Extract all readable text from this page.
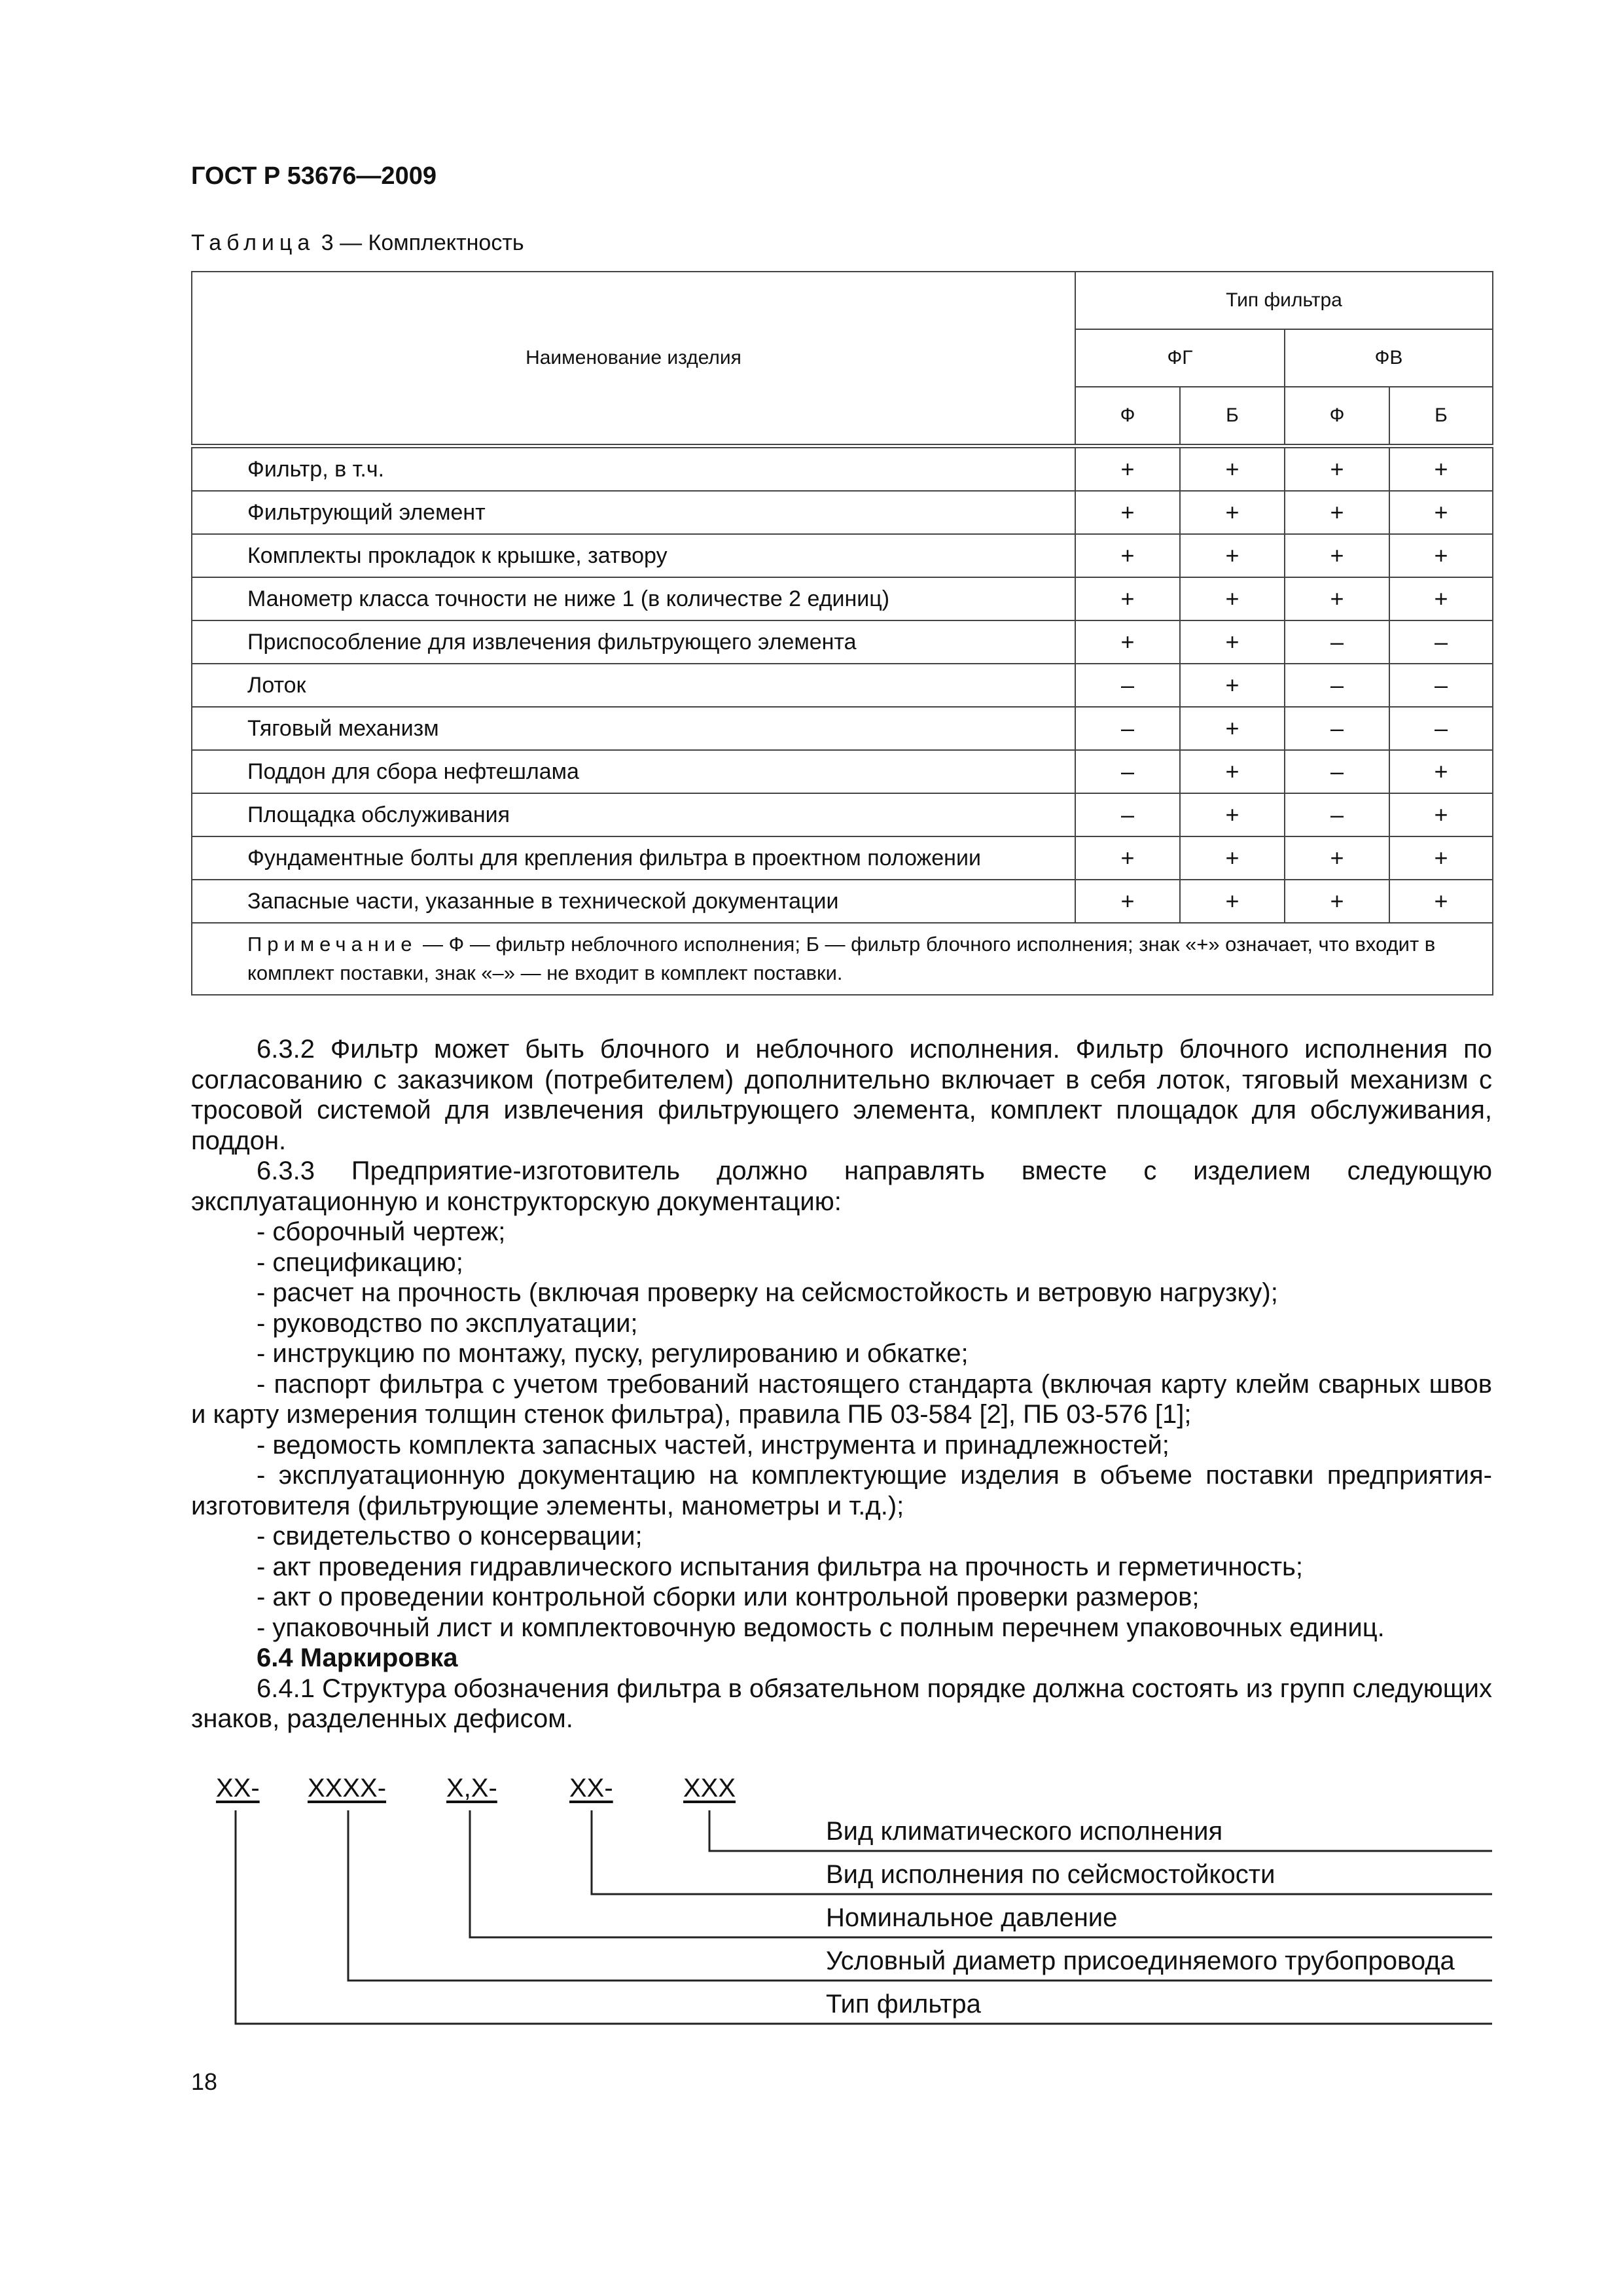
ГОСТ Р 53676—2009
Таблица 3 — Комплектность
Наименование изделия	Тип фильтра			
	ФГ		ФВ	
	Ф	Б	Ф	Б
Фильтр, в т.ч.	+	+	+	+
Фильтрующий элемент	+	+	+	+
Комплекты прокладок к крышке, затвору	+	+	+	+
Манометр класса точности не ниже 1 (в количестве 2 единиц)	+	+	+	+
Приспособление для извлечения фильтрующего элемента	+	+	–	–
Лоток	–	+	–	–
Тяговый механизм	–	+	–	–
Поддон для сбора нефтешлама	–	+	–	+
Площадка обслуживания	–	+	–	+
Фундаментные болты для крепления фильтра в проектном положении	+	+	+	+
Запасные части, указанные в технической документации	+	+	+	+
Примечание — Ф — фильтр неблочного исполнения; Б — фильтр блочного исполнения; знак «+» означает, что входит в комплект поставки, знак «–» — не входит в комплект поставки.				

6.3.2 Фильтр может быть блочного и неблочного исполнения. Фильтр блочного исполнения по согласованию с заказчиком (потребителем) дополнительно включает в себя лоток, тяговый механизм с тросовой системой для извлечения фильтрующего элемента, комплект площадок для обслуживания, поддон.

6.3.3 Предприятие-изготовитель должно направлять вместе с изделием следующую эксплуатационную и конструкторскую документацию:

- сборочный чертеж;

- спецификацию;

- расчет на прочность (включая проверку на сейсмостойкость и ветровую нагрузку);

- руководство по эксплуатации;

- инструкцию по монтажу, пуску, регулированию и обкатке;

- паспорт фильтра с учетом требований настоящего стандарта (включая карту клейм сварных швов и карту измерения толщин стенок фильтра), правила ПБ 03-584 [2], ПБ 03-576 [1];

- ведомость комплекта запасных частей, инструмента и принадлежностей;

- эксплуатационную документацию на комплектующие изделия в объеме поставки предприятия-изготовителя (фильтрующие элементы, манометры и т.д.);

- свидетельство о консервации;

- акт проведения гидравлического испытания фильтра на прочность и герметичность;

- акт о проведении контрольной сборки или контрольной проверки размеров;

- упаковочный лист и комплектовочную ведомость с полным перечнем упаковочных единиц.

6.4 Маркировка

6.4.1 Структура обозначения фильтра в обязательном порядке должна состоять из групп следующих знаков, разделенных дефисом.

ХХ- ХХХХ- Х,Х-	ХХ-	ХХХ
Вид климатического исполнения
Вид исполнения по сейсмостойкости
Номинальное давление
Условный диаметр присоединяемого трубопровода
Тип фильтра
18
